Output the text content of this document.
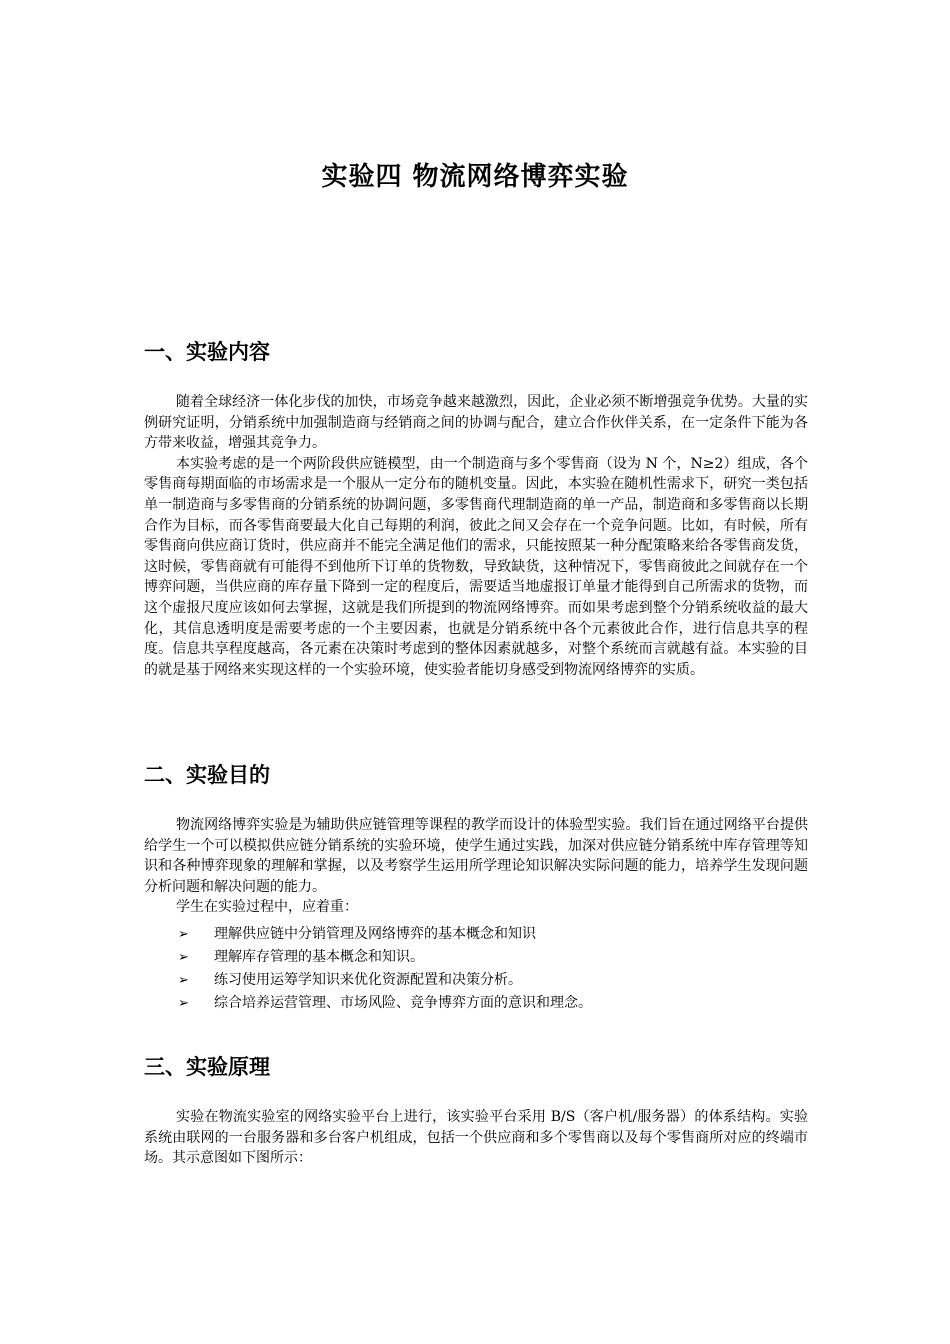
实验四 物流网络博弈实验
一、实验内容

随着全球经济一体化步伐的加快，市场竞争越来越激烈，因此，企业必须不断增强竞争优势。大量的实例研究证明，分销系统中加强制造商与经销商之间的协调与配合，建立合作伙伴关系，在一定条件下能为各方带来收益，增强其竞争力。

本实验考虑的是一个两阶段供应链模型，由一个制造商与多个零售商（设为 N 个，N≥2）组成，各个零售商每期面临的市场需求是一个服从一定分布的随机变量。因此，本实验在随机性需求下，研究一类包括单一制造商与多零售商的分销系统的协调问题，多零售商代理制造商的单一产品，制造商和多零售商以长期合作为目标，而各零售商要最大化自己每期的利润，彼此之间又会存在一个竞争问题。比如，有时候，所有零售商向供应商订货时，供应商并不能完全满足他们的需求，只能按照某一种分配策略来给各零售商发货，这时候，零售商就有可能得不到他所下订单的货物数，导致缺货，这种情况下，零售商彼此之间就存在一个博弈问题，当供应商的库存量下降到一定的程度后，需要适当地虚报订单量才能得到自己所需求的货物，而这个虚报尺度应该如何去掌握，这就是我们所提到的物流网络博弈。而如果考虑到整个分销系统收益的最大化，其信息透明度是需要考虑的一个主要因素，也就是分销系统中各个元素彼此合作，进行信息共享的程度。信息共享程度越高，各元素在决策时考虑到的整体因素就越多，对整个系统而言就越有益。本实验的目的就是基于网络来实现这样的一个实验环境，使实验者能切身感受到物流网络博弈的实质。

二、实验目的

物流网络博弈实验是为辅助供应链管理等课程的教学而设计的体验型实验。我们旨在通过网络平台提供给学生一个可以模拟供应链分销系统的实验环境，使学生通过实践，加深对供应链分销系统中库存管理等知识和各种博弈现象的理解和掌握，以及考察学生运用所学理论知识解决实际问题的能力，培养学生发现问题分析问题和解决问题的能力。

学生在实验过程中，应着重：

➢	理解供应链中分销管理及网络博弈的基本概念和知识
➢	理解库存管理的基本概念和知识。
➢	练习使用运筹学知识来优化资源配置和决策分析。
➢	综合培养运营管理、市场风险、竞争博弈方面的意识和理念。
三、实验原理

实验在物流实验室的网络实验平台上进行，该实验平台采用 B/S（客户机/服务器）的体系结构。实验系统由联网的一台服务器和多台客户机组成，包括一个供应商和多个零售商以及每个零售商所对应的终端市场。其示意图如下图所示：
